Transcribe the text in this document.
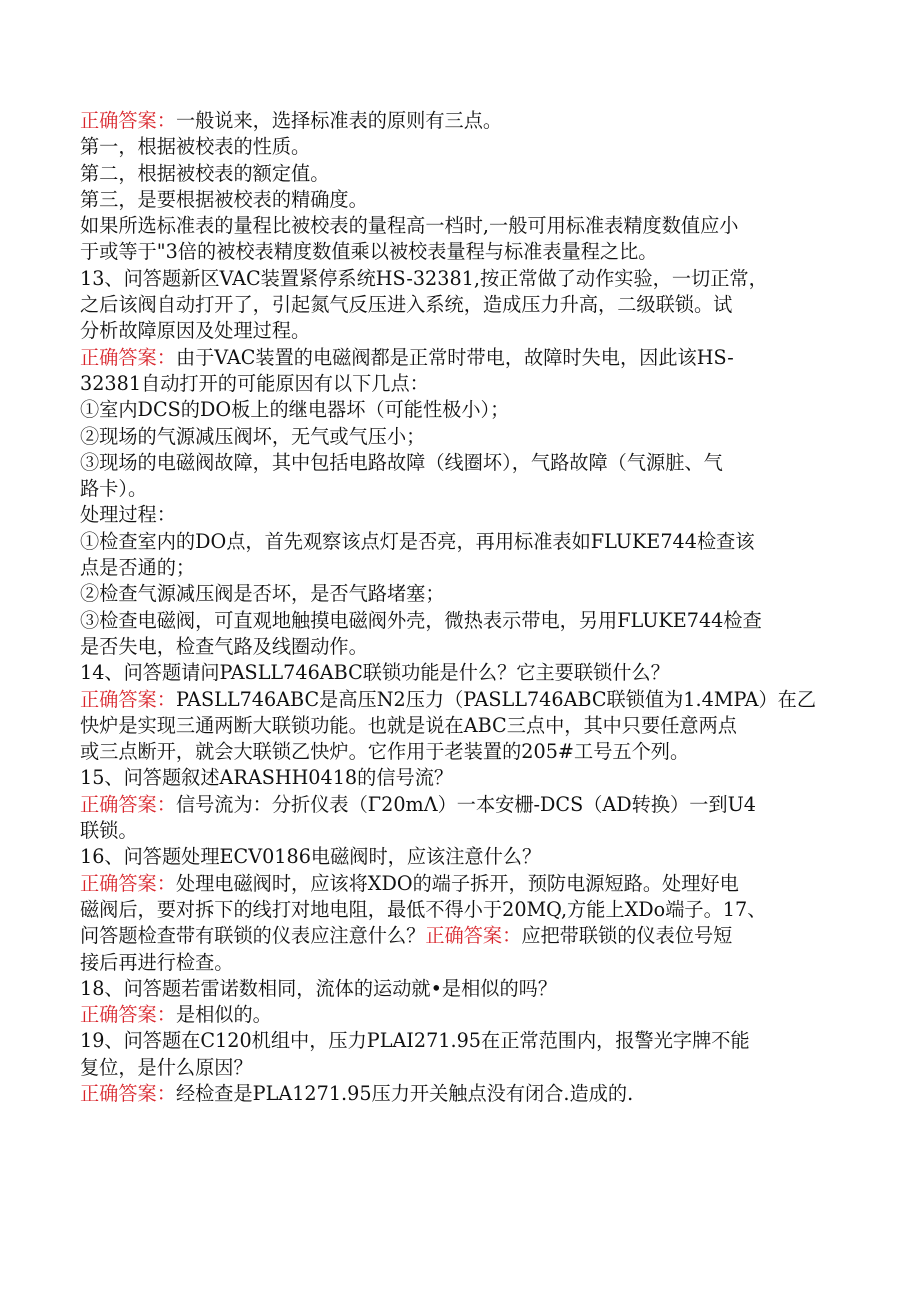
正确答案：一般说来，选择标准表的原则有三点。
第一，根据被校表的性质。
第二，根据被校表的额定值。
第三，是要根据被校表的精确度。
如果所选标准表的量程比被校表的量程高一档时,一般可用标准表精度数值应小
于或等于"3倍的被校表精度数值乘以被校表量程与标准表量程之比。
13、问答题新区VAC装置紧停系统HS-32381,按正常做了动作实验，一切正常，
之后该阀自动打开了，引起氮气反压进入系统，造成压力升高，二级联锁。试
分析故障原因及处理过程。
正确答案：由于VAC装置的电磁阀都是正常时带电，故障时失电，因此该HS-
32381自动打开的可能原因有以下几点：
①室内DCS的DO板上的继电器坏（可能性极小）；
②现场的气源减压阀坏，无气或气压小；
③现场的电磁阀故障，其中包括电路故障（线圈坏），气路故障（气源脏、气
路卡）。
处理过程：
①检查室内的DO点，首先观察该点灯是否亮，再用标准表如FLUKE744检查该
点是否通的；
②检查气源减压阀是否坏，是否气路堵塞；
③检查电磁阀，可直观地触摸电磁阀外壳，微热表示带电，另用FLUKE744检查
是否失电，检查气路及线圈动作。
14、问答题请问PASLL746ABC联锁功能是什么？它主要联锁什么？
正确答案：PASLL746ABC是高压N2压力（PASLL746ABC联锁值为1.4MPA）在乙
快炉是实现三通两断大联锁功能。也就是说在ABC三点中，其中只要任意两点
或三点断开，就会大联锁乙快炉。它作用于老装置的205#工号五个列。
15、问答题叙述ARASHH0418的信号流？
正确答案：信号流为：分折仪表（Γ20mΛ）一本安栅-DCS（AD转换）一到U4
联锁。
16、问答题处理ECV0186电磁阀时，应该注意什么？
正确答案：处理电磁阀时，应该将XDO的端子拆开，预防电源短路。处理好电
磁阀后，要对拆下的线打对地电阻，最低不得小于20MQ,方能上XDo端子。17、
问答题检查带有联锁的仪表应注意什么？正确答案：应把带联锁的仪表位号短
接后再进行检查。
18、问答题若雷诺数相同，流体的运动就•是相似的吗？
正确答案：是相似的。
19、问答题在C120机组中，压力PLAI271.95在正常范围内，报警光字牌不能
复位，是什么原因？
正确答案：经检查是PLA1271.95压力开关触点没有闭合.造成的.
